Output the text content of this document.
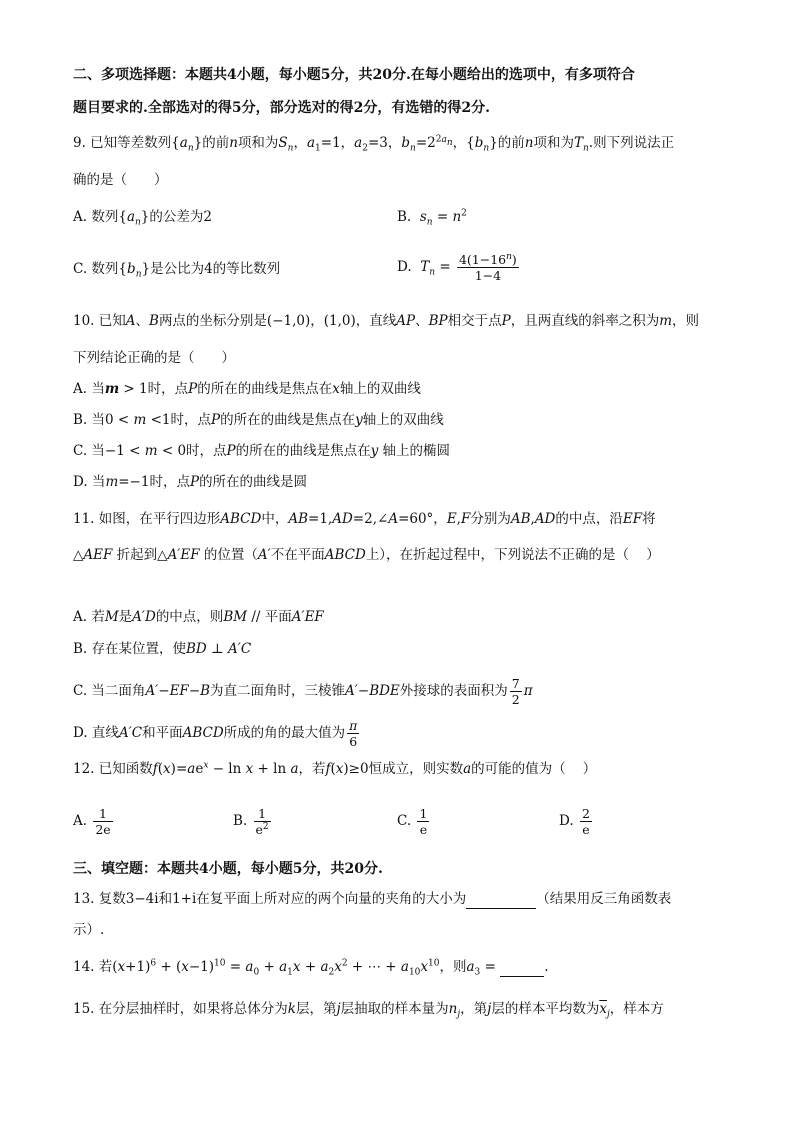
二、多项选择题：本题共4小题，每小题5分，共20分.在每小题给出的选项中，有多项符合
题目要求的.全部选对的得5分，部分选对的得2分，有选错的得2分.
9. 已知等差数列$\{a_n\}$的前n项和为$S_n$，$a_1=1$，$a_2=3$，$b_n=2^{2a_n}$，$\{b_n\}$的前n项和为$T_n$.则下列说法正
确的是（　　）
A. 数列$\{a_n\}$的公差为2	B. $s_n = n^2$
C. 数列$\{b_n\}$是公比为4的等比数列	D. $T_n = \frac{4(1-16^n)}{1-4}$
10. 已知A、B两点的坐标分别是(−1,0)，(1,0)，直线AP、BP相交于点P，且两直线的斜率之积为m，则
下列结论正确的是（　　）
A. 当m > 1时，点P的所在的曲线是焦点在x轴上的双曲线
B. 当0 < m <1时，点P的所在的曲线是焦点在y轴上的双曲线
C. 当−1 < m < 0时，点P的所在的曲线是焦点在y 轴上的椭圆
D. 当m=−1时，点P的所在的曲线是圆
11. 如图，在平行四边形ABCD中，AB=1,AD=2,∠A=60°，E,F分别为AB,AD的中点，沿EF将
△AEF 折起到△A′EF 的位置（A′不在平面ABCD上），在折起过程中，下列说法不正确的是（    ）
A. 若M是A′D的中点，则BM // 平面A′EF
B. 存在某位置，使BD ⊥ A′C
C. 当二面角A′−EF−B为直二面角时，三棱锥A′−BDE外接球的表面积为 $\frac{7}{2}$ π
D. 直线A′C和平面ABCD所成的角的最大值为 $\frac{\pi}{6}$
12. 已知函数$f(x)=ae^x - \ln x + \ln a$，若f(x)≥0恒成立，则实数a的可能的值为（    ）
A. $\frac{1}{2e}$	B. $\frac{1}{e^2}$	C. $\frac{1}{e}$	D. $\frac{2}{e}$
三、填空题：本题共4小题，每小题5分，共20分.
13. 复数3−4i和1+i在复平面上所对应的两个向量的夹角的大小为	（结果用反三角函数表
示）.
14. 若$(x+1)^6 + (x-1)^{10} = a_0 + a_1x + a_2x^2$ + ⋯ + $a_{10}x^{10}$，则$a_3$ =	.
15. 在分层抽样时，如果将总体分为k层，第j层抽取的样本量为$n_j$，第j层的样本平均数为$\overline{x}_j$，样本方
